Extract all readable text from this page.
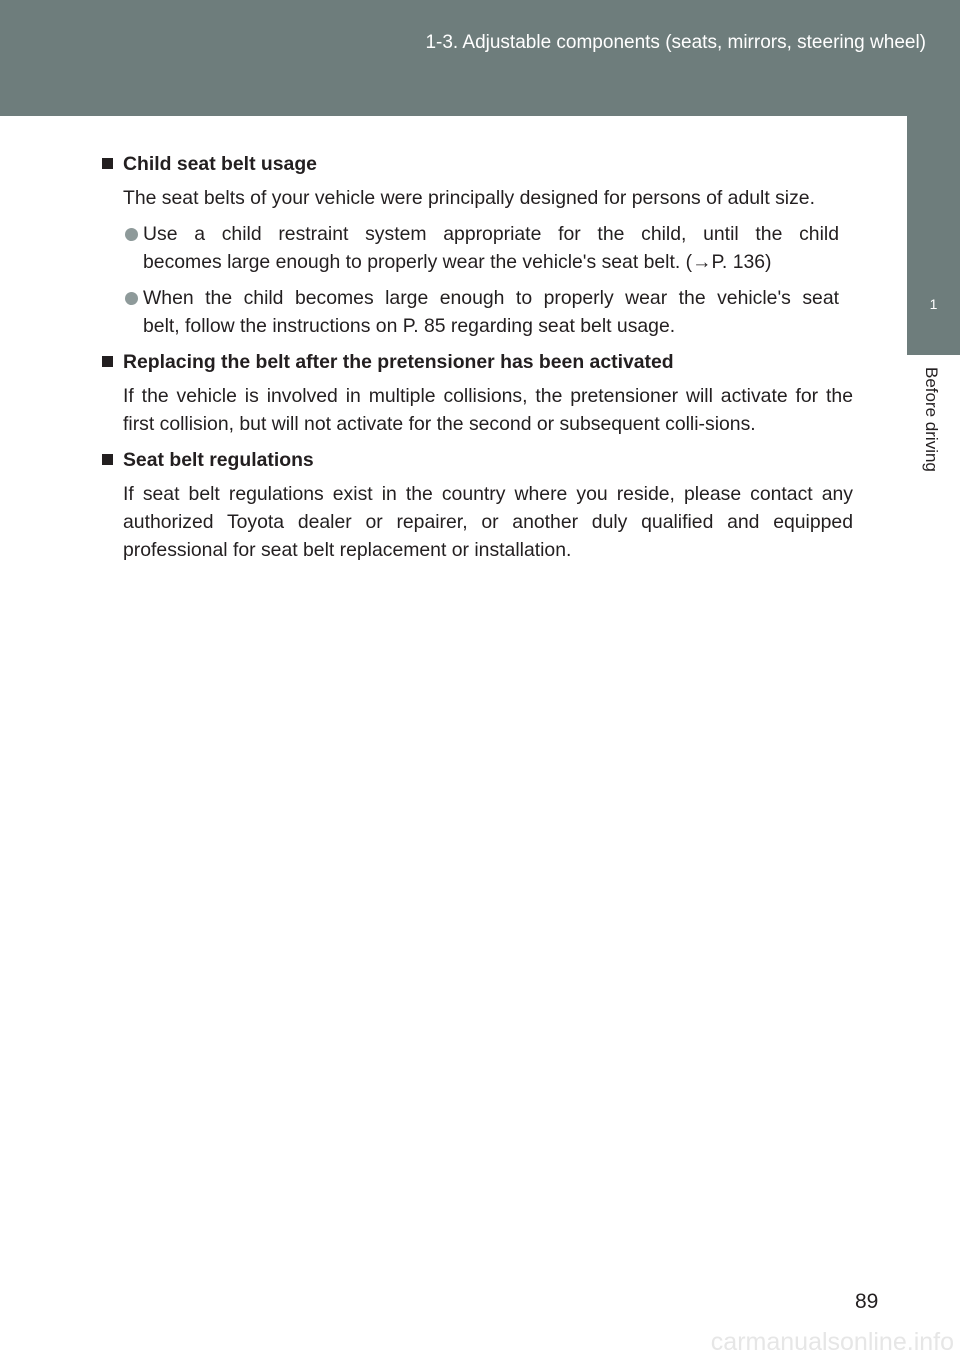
1-3. Adjustable components (seats, mirrors, steering wheel)
1
Before driving
Child seat belt usage
The seat belts of your vehicle were principally designed for persons of adult size.
Use a child restraint system appropriate for the child, until the child
becomes large enough to properly wear the vehicle's seat belt. (→P. 136)
When the child becomes large enough to properly wear the vehicle's seat
belt, follow the instructions on P. 85 regarding seat belt usage.
Replacing the belt after the pretensioner has been activated
If the vehicle is involved in multiple collisions, the pretensioner will activate for the first collision, but will not activate for the second or subsequent colli-sions.
Seat belt regulations
If seat belt regulations exist in the country where you reside, please contact any authorized Toyota dealer or repairer, or another duly qualified and equipped professional for seat belt replacement or installation.
89
carmanualsonline.info
